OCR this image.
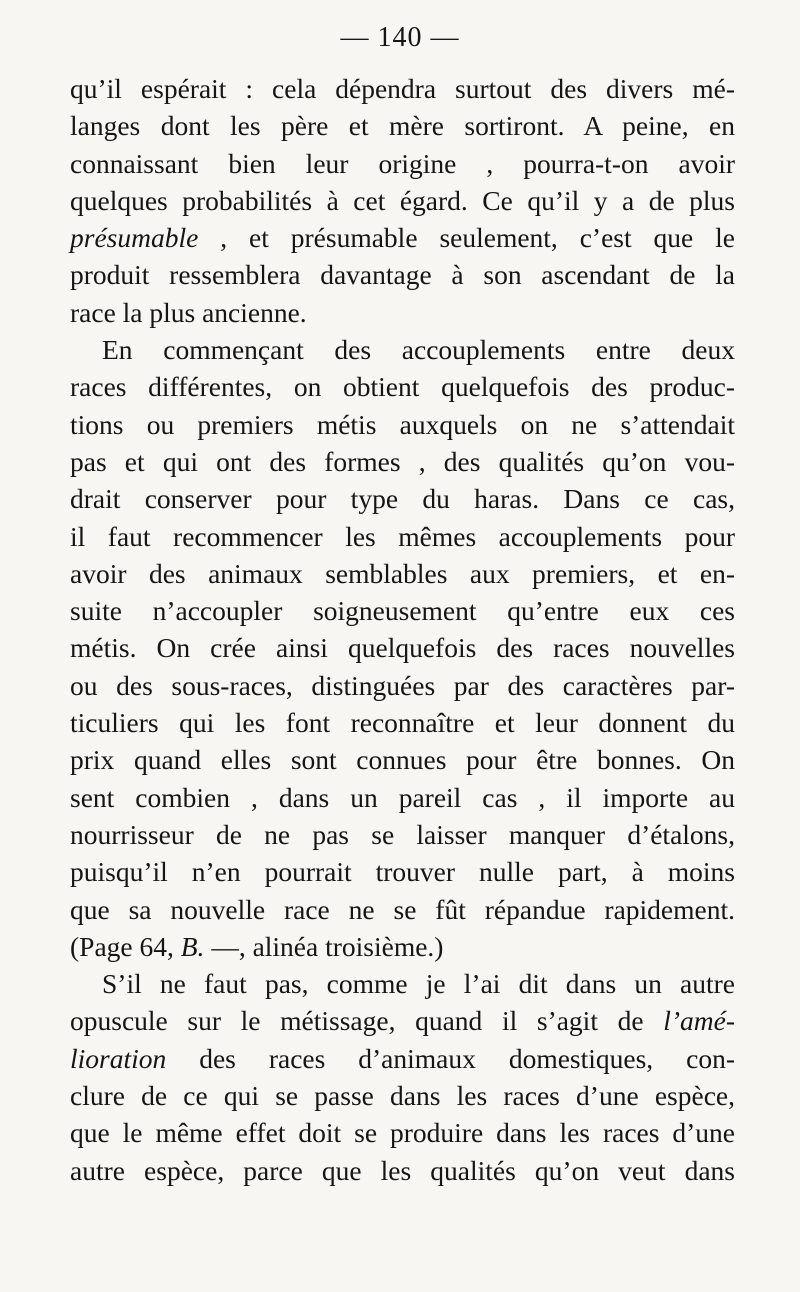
— 140 —
qu’il espérait : cela dépendra surtout des divers mé-
langes dont les père et mère sortiront. A peine, en
connaissant bien leur origine , pourra-t-on avoir
quelques probabilités à cet égard. Ce qu’il y a de plus
présumable , et présumable seulement, c’est que le
produit ressemblera davantage à son ascendant de la
race la plus ancienne.
En commençant des accouplements entre deux
races différentes, on obtient quelquefois des produc-
tions ou premiers métis auxquels on ne s’attendait
pas et qui ont des formes , des qualités qu’on vou-
drait conserver pour type du haras. Dans ce cas,
il faut recommencer les mêmes accouplements pour
avoir des animaux semblables aux premiers, et en-
suite n’accoupler soigneusement qu’entre eux ces
métis. On crée ainsi quelquefois des races nouvelles
ou des sous-races, distinguées par des caractères par-
ticuliers qui les font reconnaître et leur donnent du
prix quand elles sont connues pour être bonnes. On
sent combien , dans un pareil cas , il importe au
nourrisseur de ne pas se laisser manquer d’étalons,
puisqu’il n’en pourrait trouver nulle part, à moins
que sa nouvelle race ne se fût répandue rapidement.
(Page 64, B. —, alinéa troisième.)
S’il ne faut pas, comme je l’ai dit dans un autre
opuscule sur le métissage, quand il s’agit de l’amé-
lioration des races d’animaux domestiques, con-
clure de ce qui se passe dans les races d’une espèce,
que le même effet doit se produire dans les races d’une
autre espèce, parce que les qualités qu’on veut dans
